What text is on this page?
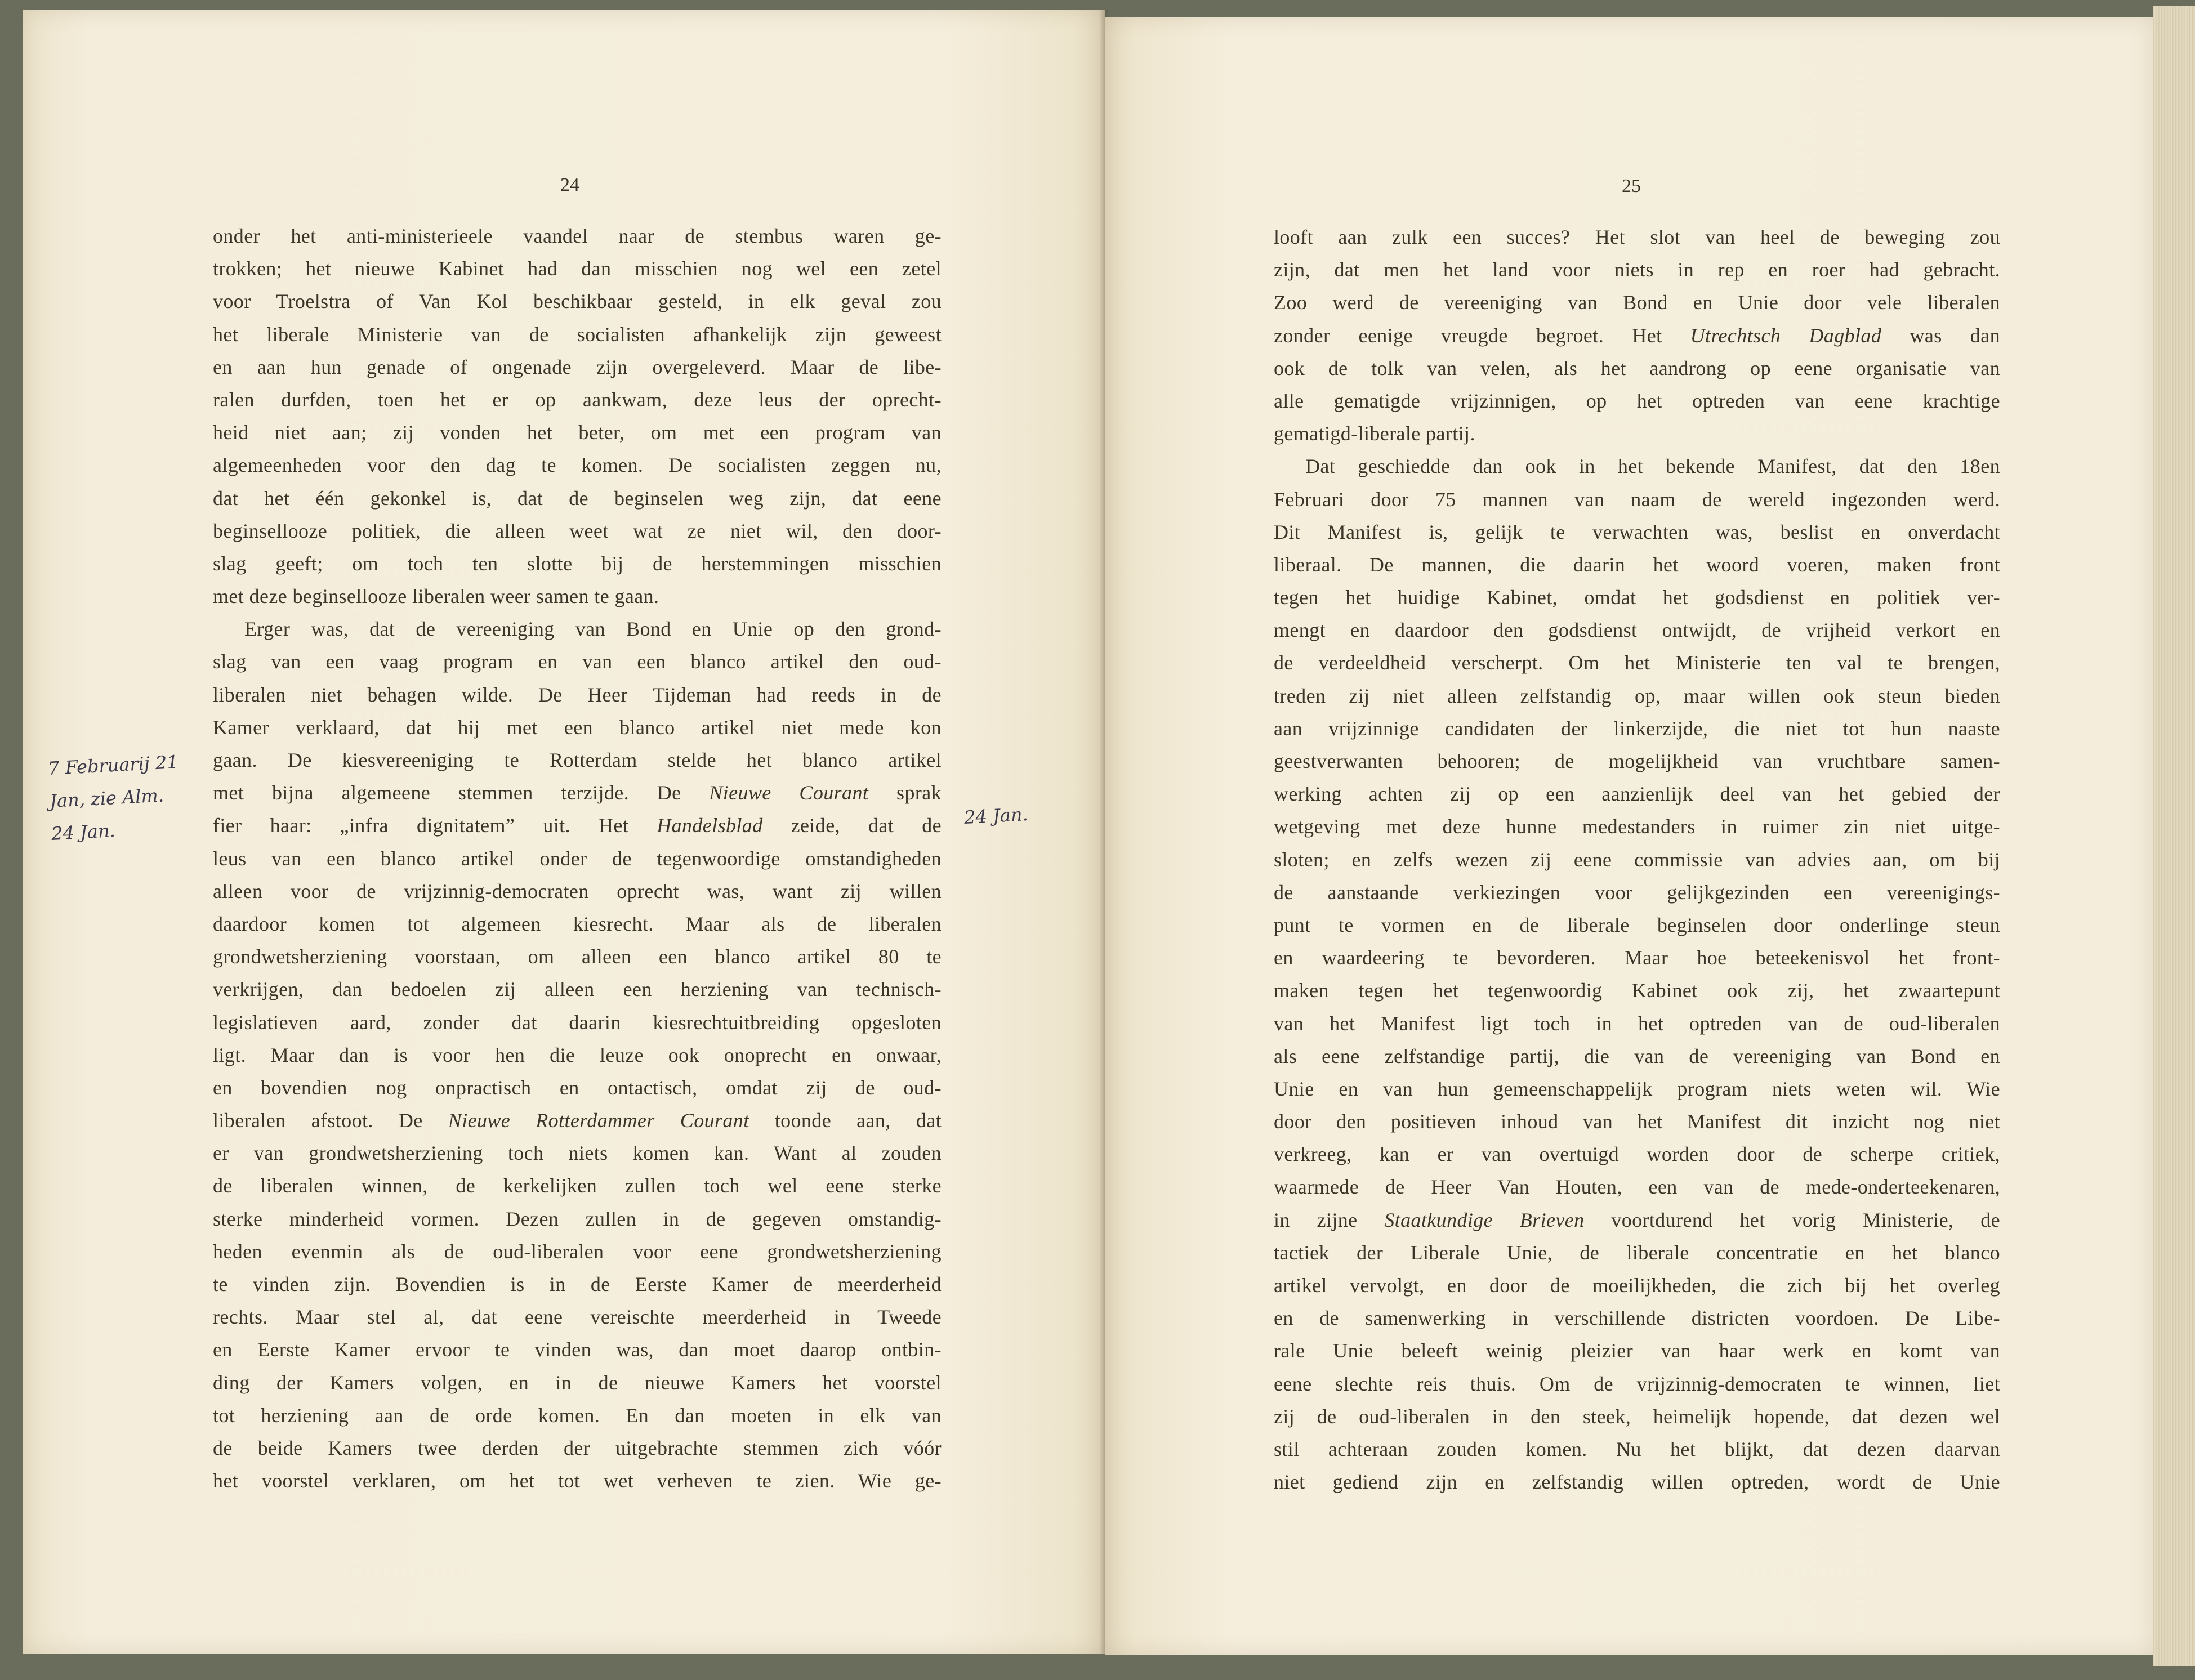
24
onder het anti-ministerieele vaandel naar de stembus waren ge-
trokken; het nieuwe Kabinet had dan misschien nog wel een zetel
voor Troelstra of Van Kol beschikbaar gesteld, in elk geval zou
het liberale Ministerie van de socialisten afhankelijk zijn geweest
en aan hun genade of ongenade zijn overgeleverd. Maar de libe-
ralen durfden, toen het er op aankwam, deze leus der oprecht-
heid niet aan; zij vonden het beter, om met een program van
algemeenheden voor den dag te komen. De socialisten zeggen nu,
dat het één gekonkel is, dat de beginselen weg zijn, dat eene
beginsellooze politiek, die alleen weet wat ze niet wil, den door-
slag geeft; om toch ten slotte bij de herstemmingen misschien
met deze beginsellooze liberalen weer samen te gaan.
Erger was, dat de vereeniging van Bond en Unie op den grond-
slag van een vaag program en van een blanco artikel den oud-
liberalen niet behagen wilde. De Heer Tijdeman had reeds in de
Kamer verklaard, dat hij met een blanco artikel niet mede kon
gaan. De kiesvereeniging te Rotterdam stelde het blanco artikel
met bijna algemeene stemmen terzijde. De Nieuwe Courant sprak
fier haar: „infra dignitatem” uit. Het Handelsblad zeide, dat de
leus van een blanco artikel onder de tegenwoordige omstandigheden
alleen voor de vrijzinnig-democraten oprecht was, want zij willen
daardoor komen tot algemeen kiesrecht. Maar als de liberalen
grondwetsherziening voorstaan, om alleen een blanco artikel 80 te
verkrijgen, dan bedoelen zij alleen een herziening van technisch-
legislatieven aard, zonder dat daarin kiesrechtuitbreiding opgesloten
ligt. Maar dan is voor hen die leuze ook onoprecht en onwaar,
en bovendien nog onpractisch en ontactisch, omdat zij de oud-
liberalen afstoot. De Nieuwe Rotterdammer Courant toonde aan, dat
er van grondwetsherziening toch niets komen kan. Want al zouden
de liberalen winnen, de kerkelijken zullen toch wel eene sterke
sterke minderheid vormen. Dezen zullen in de gegeven omstandig-
heden evenmin als de oud-liberalen voor eene grondwetsherziening
te vinden zijn. Bovendien is in de Eerste Kamer de meerderheid
rechts. Maar stel al, dat eene vereischte meerderheid in Tweede
en Eerste Kamer ervoor te vinden was, dan moet daarop ontbin-
ding der Kamers volgen, en in de nieuwe Kamers het voorstel
tot herziening aan de orde komen. En dan moeten in elk van
de beide Kamers twee derden der uitgebrachte stemmen zich vóór
het voorstel verklaren, om het tot wet verheven te zien. Wie ge-
25
looft aan zulk een succes? Het slot van heel de beweging zou
zijn, dat men het land voor niets in rep en roer had gebracht.
Zoo werd de vereeniging van Bond en Unie door vele liberalen
zonder eenige vreugde begroet. Het Utrechtsch Dagblad was dan
ook de tolk van velen, als het aandrong op eene organisatie van
alle gematigde vrijzinnigen, op het optreden van eene krachtige
gematigd-liberale partij.
Dat geschiedde dan ook in het bekende Manifest, dat den 18en
Februari door 75 mannen van naam de wereld ingezonden werd.
Dit Manifest is, gelijk te verwachten was, beslist en onverdacht
liberaal. De mannen, die daarin het woord voeren, maken front
tegen het huidige Kabinet, omdat het godsdienst en politiek ver-
mengt en daardoor den godsdienst ontwijdt, de vrijheid verkort en
de verdeeldheid verscherpt. Om het Ministerie ten val te brengen,
treden zij niet alleen zelfstandig op, maar willen ook steun bieden
aan vrijzinnige candidaten der linkerzijde, die niet tot hun naaste
geestverwanten behooren; de mogelijkheid van vruchtbare samen-
werking achten zij op een aanzienlijk deel van het gebied der
wetgeving met deze hunne medestanders in ruimer zin niet uitge-
sloten; en zelfs wezen zij eene commissie van advies aan, om bij
de aanstaande verkiezingen voor gelijkgezinden een vereenigings-
punt te vormen en de liberale beginselen door onderlinge steun
en waardeering te bevorderen. Maar hoe beteekenisvol het front-
maken tegen het tegenwoordig Kabinet ook zij, het zwaartepunt
van het Manifest ligt toch in het optreden van de oud-liberalen
als eene zelfstandige partij, die van de vereeniging van Bond en
Unie en van hun gemeenschappelijk program niets weten wil. Wie
door den positieven inhoud van het Manifest dit inzicht nog niet
verkreeg, kan er van overtuigd worden door de scherpe critiek,
waarmede de Heer Van Houten, een van de mede-onderteekenaren,
in zijne Staatkundige Brieven voortdurend het vorig Ministerie, de
tactiek der Liberale Unie, de liberale concentratie en het blanco
artikel vervolgt, en door de moeilijkheden, die zich bij het overleg
en de samenwerking in verschillende districten voordoen. De Libe-
rale Unie beleeft weinig pleizier van haar werk en komt van
eene slechte reis thuis. Om de vrijzinnig-democraten te winnen, liet
zij de oud-liberalen in den steek, heimelijk hopende, dat dezen wel
stil achteraan zouden komen. Nu het blijkt, dat dezen daarvan
niet gediend zijn en zelfstandig willen optreden, wordt de Unie
7 Februarij 21
Jan, zie Alm.
24 Jan.
24 Jan.
